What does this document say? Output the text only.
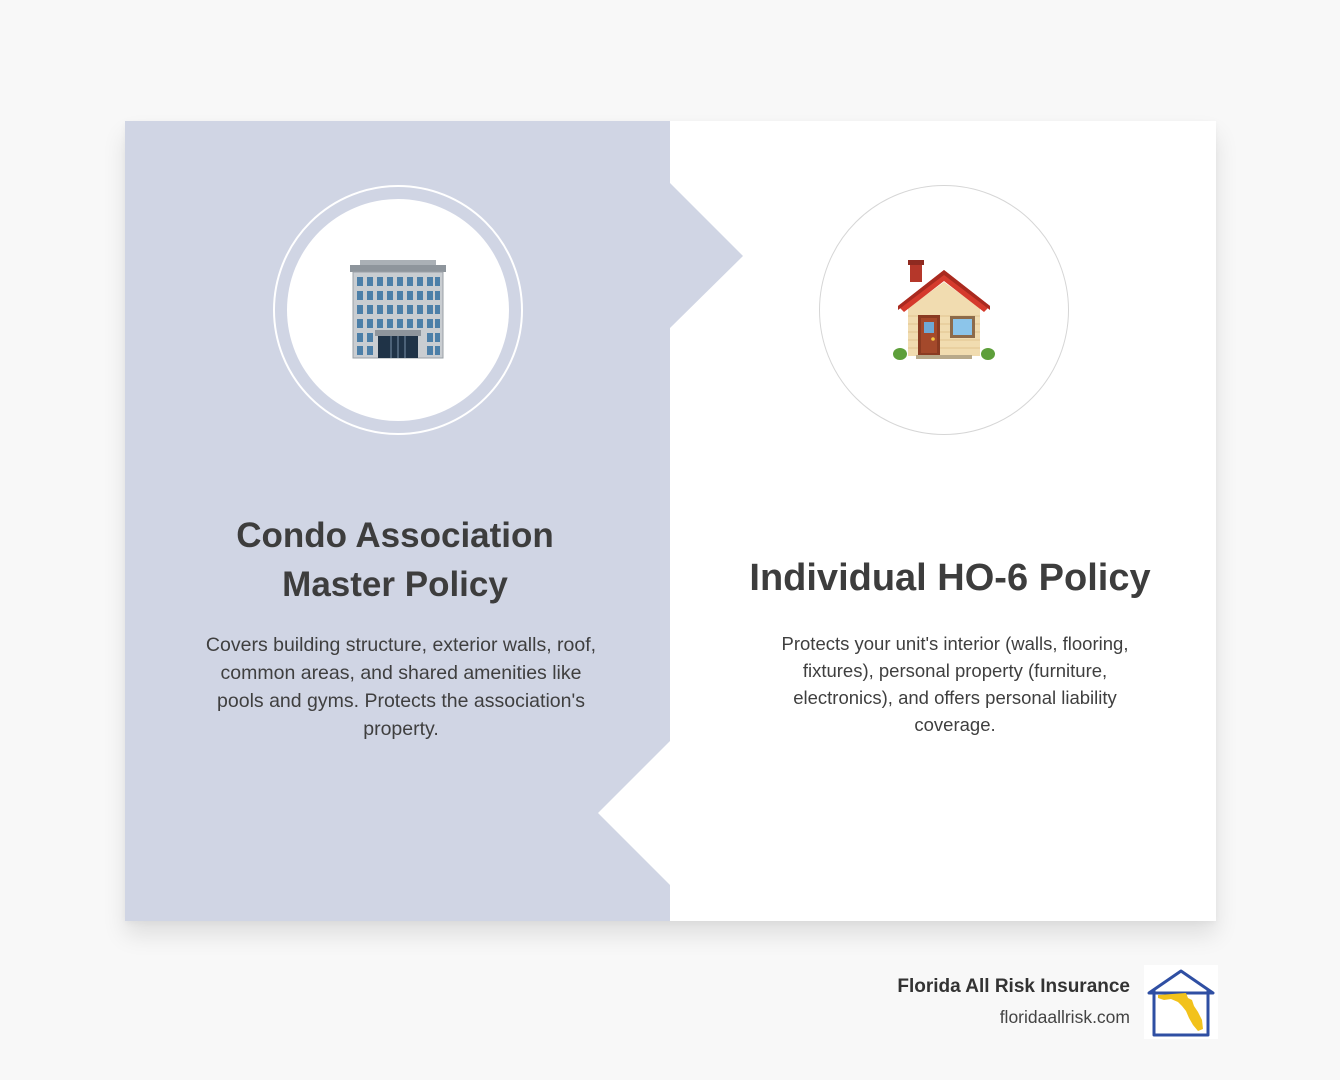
Condo Association
Master Policy

Covers building structure, exterior walls, roof, common areas, and shared amenities like pools and gyms. Protects the association's property.

Individual HO-6 Policy

Protects your unit's interior (walls, flooring, fixtures), personal property (furniture, electronics), and offers personal liability coverage.

Florida All Risk Insurance
floridaallrisk.com
